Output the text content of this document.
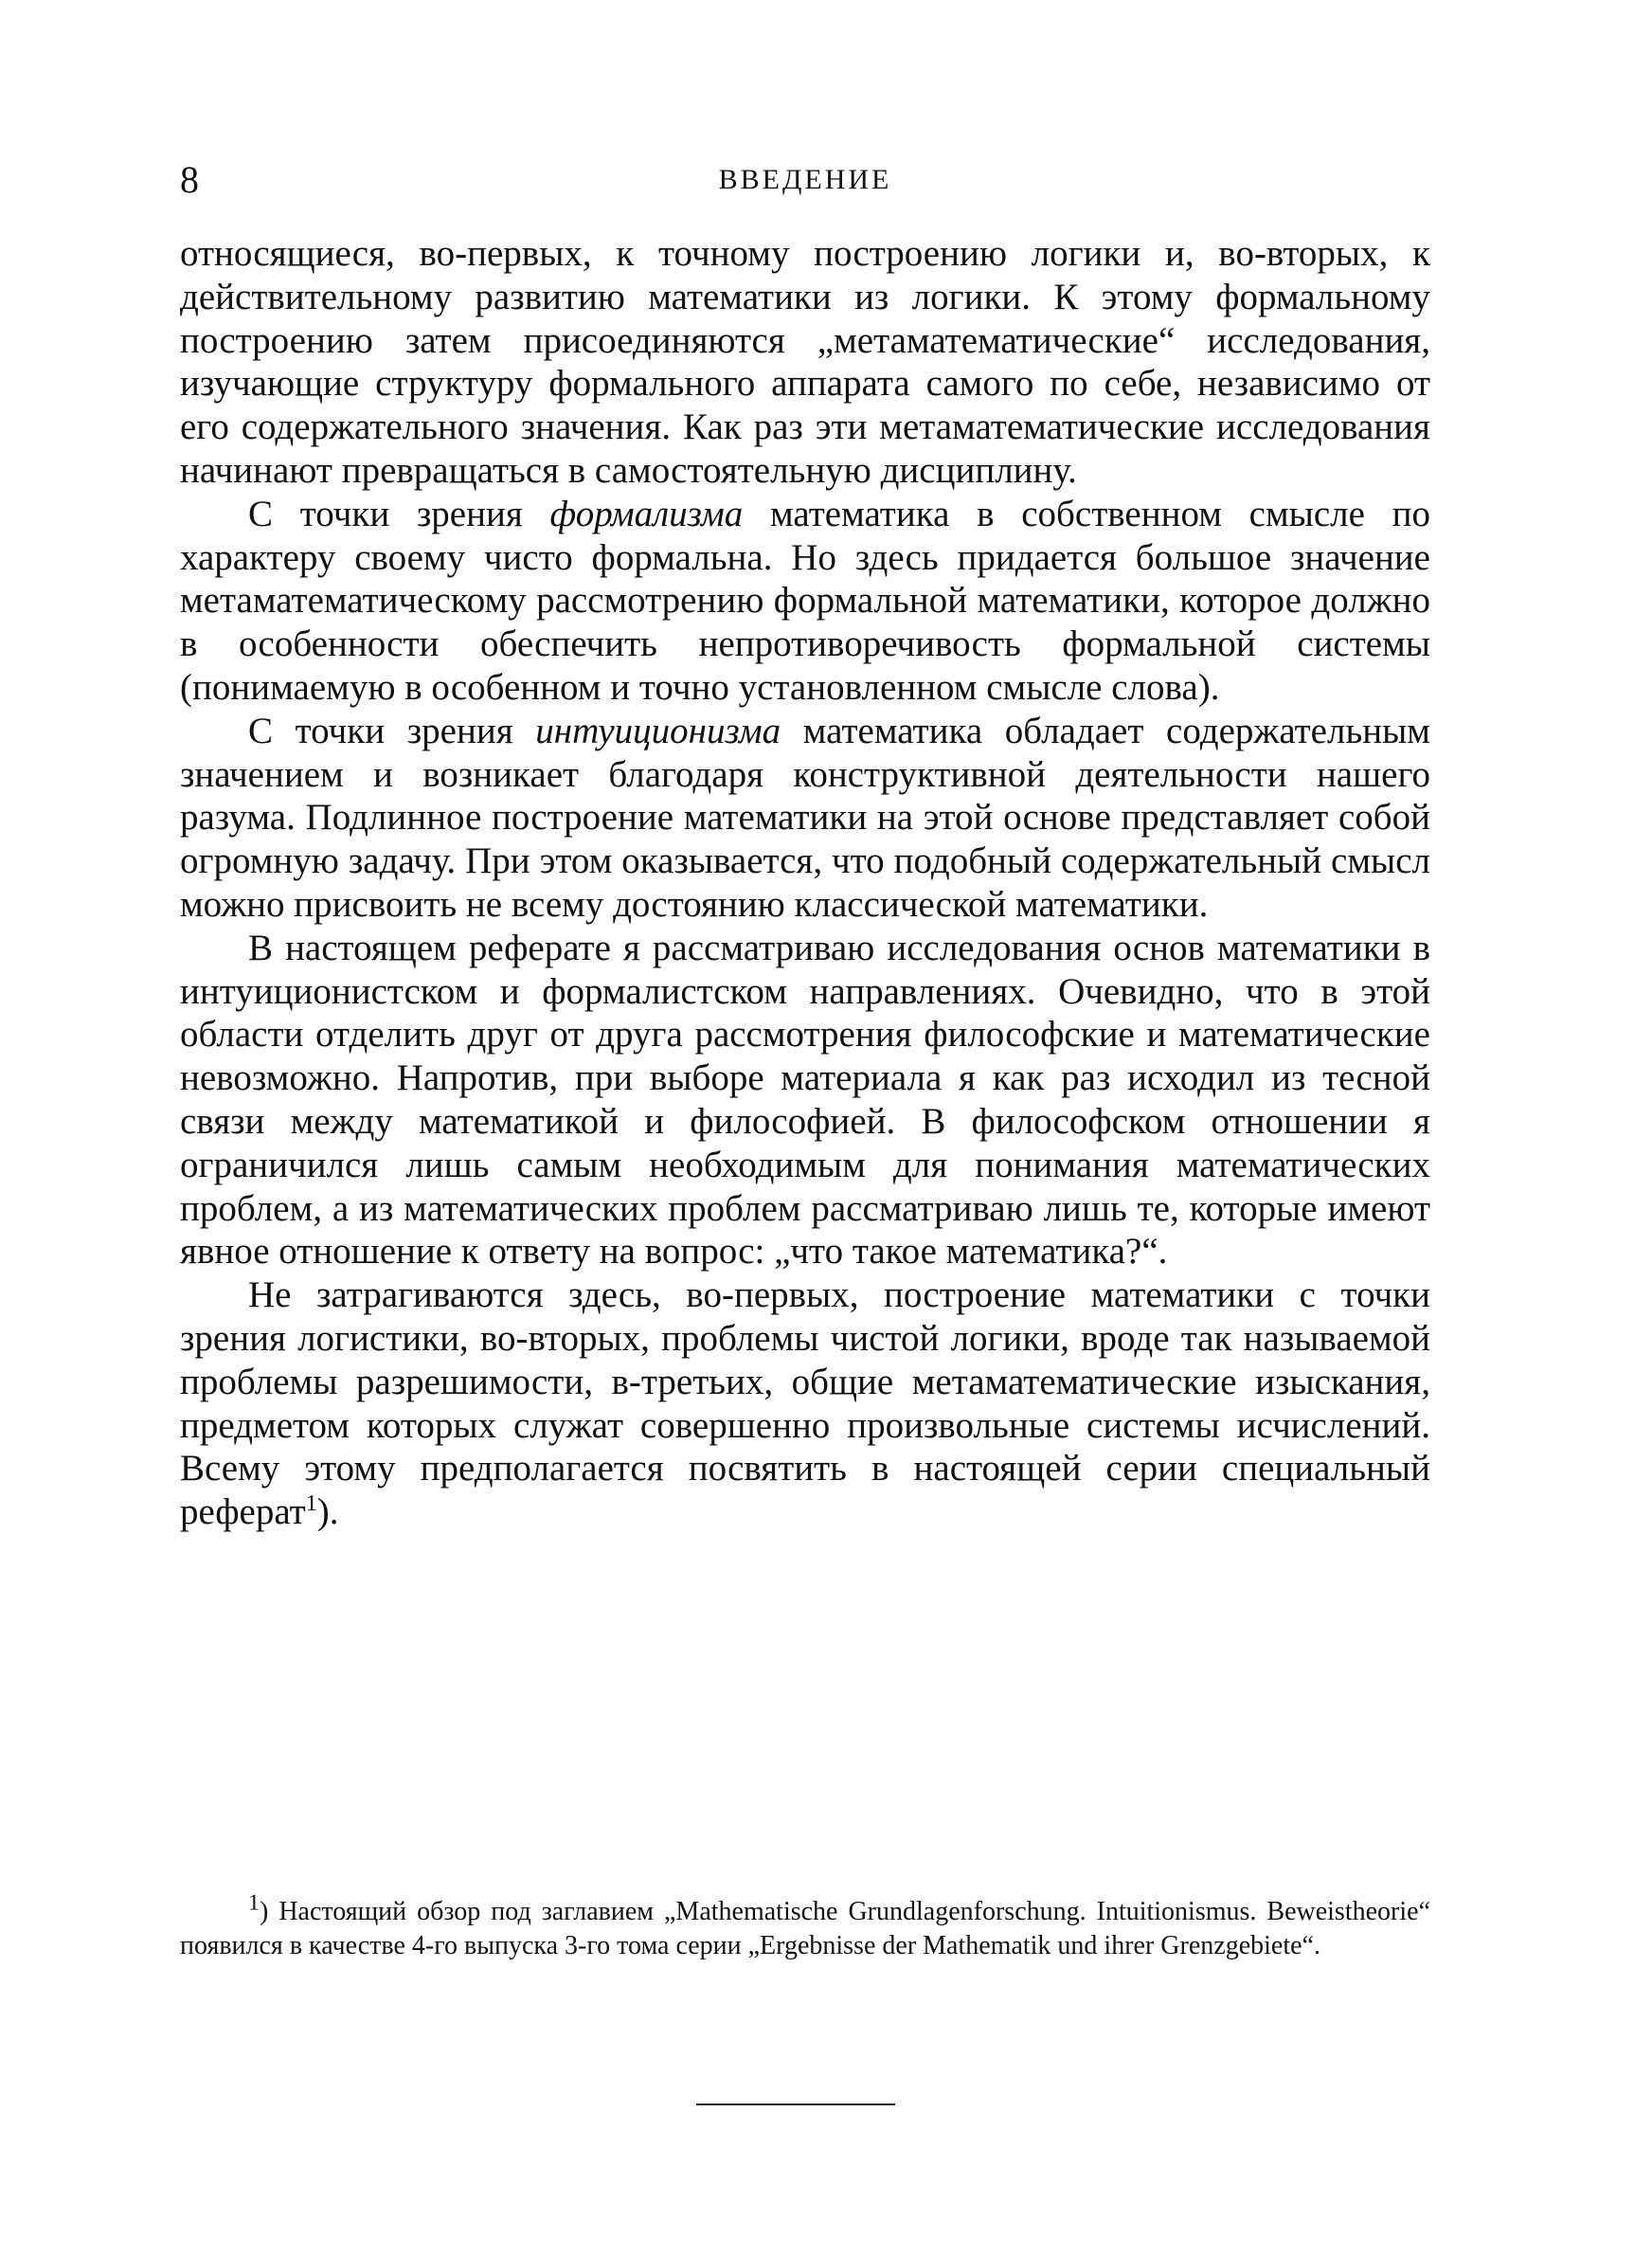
8	ВВЕДЕНИЕ

относящиеся, во-первых, к точному построению логики и, во-вторых, к действительному развитию математики из логики. К этому формальному построению затем присоединяются „метаматематические“ исследования, изучающие структуру формального аппарата самого по себе, независимо от его содержательного значения. Как раз эти метаматематические исследования начинают превращаться в самостоятельную дисциплину.

С точки зрения формализма математика в собственном смысле по характеру своему чисто формальна. Но здесь придается большое значение метаматематическому рассмотрению формальной математики, которое должно в особенности обеспечить непротиворечивость формальной системы (понимаемую в особенном и точно установленном смысле слова).

С точки зрения интуиционизма математика обладает содержательным значением и возникает благодаря конструктивной деятельности нашего разума. Подлинное построение математики на этой основе представляет собой огромную задачу. При этом оказывается, что подобный содержательный смысл можно присвоить не всему достоянию классической математики.

В настоящем реферате я рассматриваю исследования основ математики в интуиционистском и формалистском направлениях. Очевидно, что в этой области отделить друг от друга рассмотрения философские и математические невозможно. Напротив, при выборе материала я как раз исходил из тесной связи между математикой и философией. В философском отношении я ограничился лишь самым необходимым для понимания математических проблем, а из математических проблем рассматриваю лишь те, которые имеют явное отношение к ответу на вопрос: „что такое математика?“.

Не затрагиваются здесь, во-первых, построение математики с точки зрения логистики, во-вторых, проблемы чистой логики, вроде так называемой проблемы разрешимости, в-третьих, общие метаматематические изыскания, предметом которых служат совершенно произвольные системы исчислений. Всему этому предполагается посвятить в настоящей серии специальный реферат$^1$).

$^1$) Настоящий обзор под заглавием „Mathematische Grundlagenforschung. Intuitionismus. Beweistheorie“ появился в качестве 4-го выпуска 3-го тома серии „Ergebnisse der Mathematik und ihrer Grenzgebiete“.
